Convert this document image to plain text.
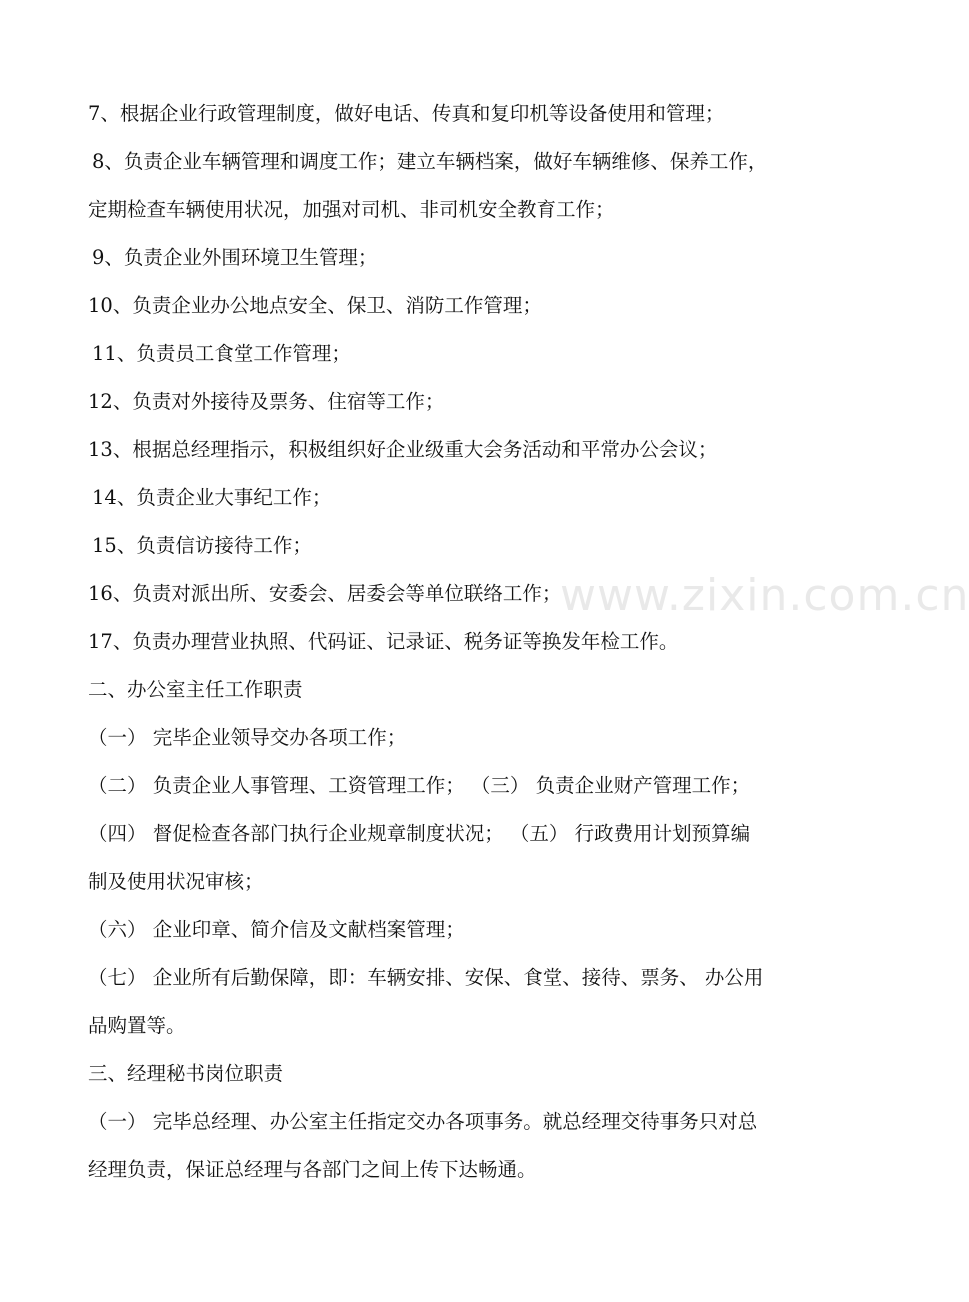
www.zixin.com.cn
7、根据企业行政管理制度，做好电话、传真和复印机等设备使用和管理；
8、负责企业车辆管理和调度工作；建立车辆档案，做好车辆维修、保养工作，
定期检查车辆使用状况，加强对司机、非司机安全教育工作；
9、负责企业外围环境卫生管理；
10、负责企业办公地点安全、保卫、消防工作管理；
11、负责员工食堂工作管理；
12、负责对外接待及票务、住宿等工作；
13、根据总经理指示，积极组织好企业级重大会务活动和平常办公会议；
14、负责企业大事纪工作；
15、负责信访接待工作；
16、负责对派出所、安委会、居委会等单位联络工作；
17、负责办理营业执照、代码证、记录证、税务证等换发年检工作。
二、办公室主任工作职责
（一） 完毕企业领导交办各项工作；
（二） 负责企业人事管理、工资管理工作； （三） 负责企业财产管理工作；
（四） 督促检查各部门执行企业规章制度状况； （五） 行政费用计划预算编
制及使用状况审核；
（六） 企业印章、简介信及文献档案管理；
（七） 企业所有后勤保障，即：车辆安排、安保、食堂、接待、票务、 办公用
品购置等。
三、经理秘书岗位职责
（一） 完毕总经理、办公室主任指定交办各项事务。就总经理交待事务只对总
经理负责，保证总经理与各部门之间上传下达畅通。
